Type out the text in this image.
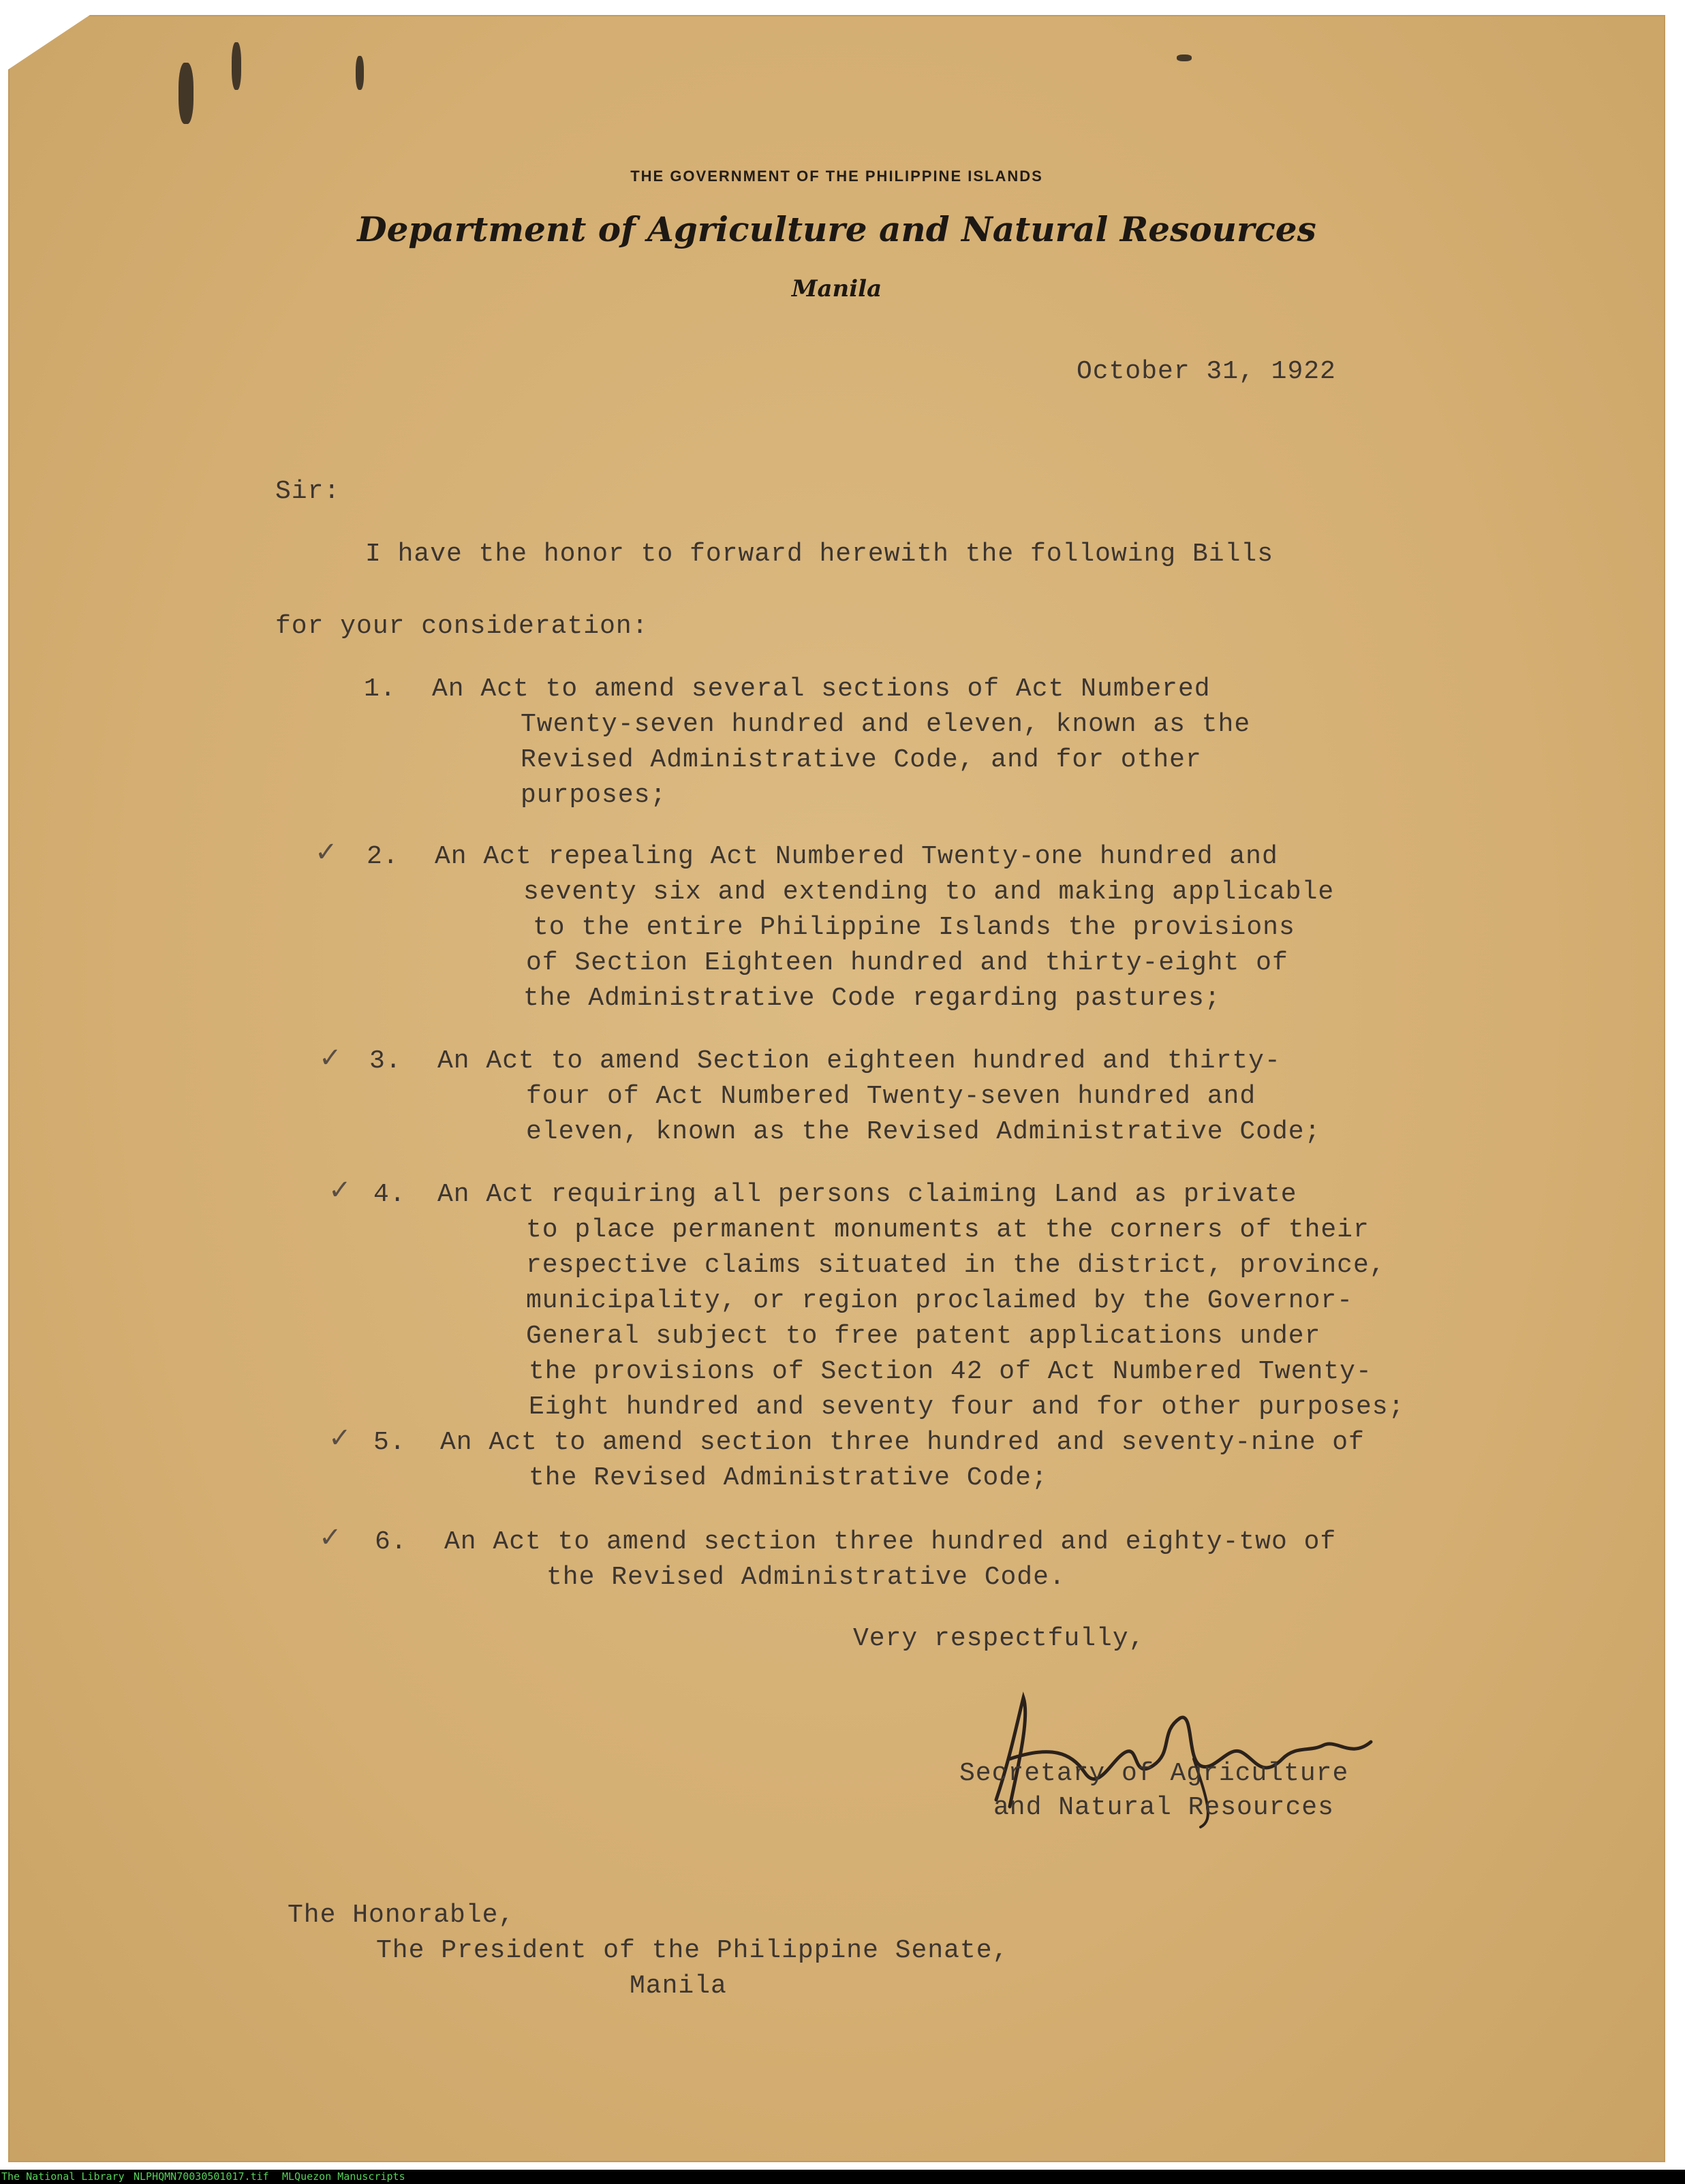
THE GOVERNMENT OF THE PHILIPPINE ISLANDS
Department of Agriculture and Natural Resources
Manila
October 31, 1922
Sir:
I have the honor to forward herewith the following Bills
for your consideration:
1. An Act to amend several sections of Act Numbered
Twenty-seven hundred and eleven, known as the
Revised Administrative Code, and for other
purposes;
✓ 2. An Act repealing Act Numbered Twenty-one hundred and
seventy six and extending to and making applicable
to the entire Philippine Islands the provisions
of Section Eighteen hundred and thirty-eight of
the Administrative Code regarding pastures;
✓ 3. An Act to amend Section eighteen hundred and thirty-
four of Act Numbered Twenty-seven hundred and
eleven, known as the Revised Administrative Code;
✓ 4. An Act requiring all persons claiming Land as private
to place permanent monuments at the corners of their
respective claims situated in the district, province,
municipality, or region proclaimed by the Governor-
General subject to free patent applications under
the provisions of Section 42 of Act Numbered Twenty-
Eight hundred and seventy four and for other purposes;
✓ 5. An Act to amend section three hundred and seventy-nine of
the Revised Administrative Code;
✓ 6. An Act to amend section three hundred and eighty-two of
the Revised Administrative Code.
Very respectfully,
Secretary of Agriculture
and Natural Resources
The Honorable,
The President of the Philippine Senate,
Manila
The National Library NLPHQMN70030501017.tif MLQuezon Manuscripts
